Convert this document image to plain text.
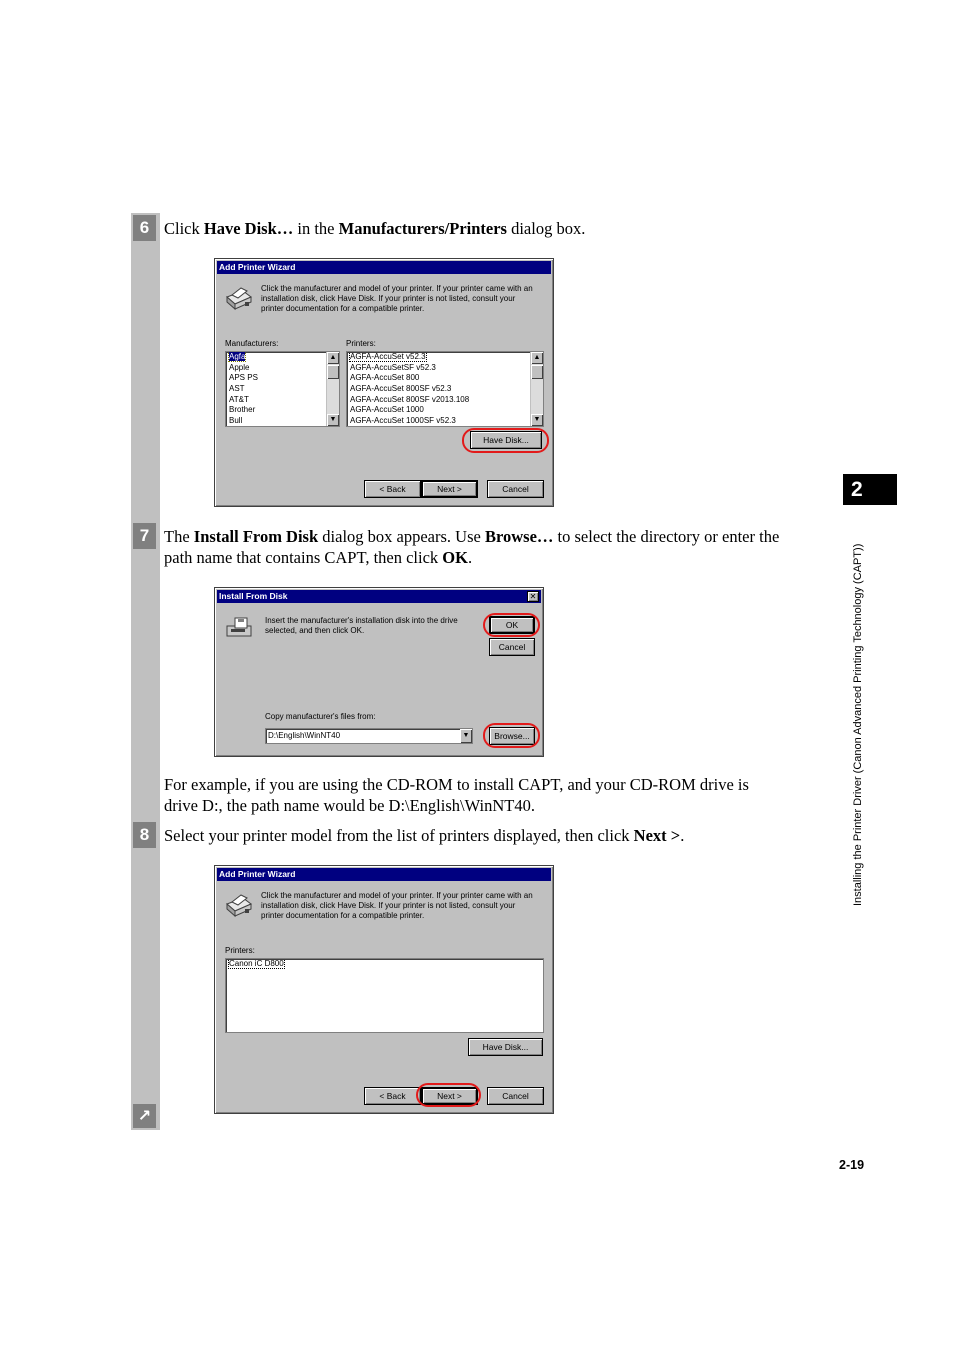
6
7
8
↗
Click Have Disk… in the Manufacturers/Printers dialog box.
Add Printer Wizard
Click the manufacturer and model of your printer. If your printer came with an
installation disk, click Have Disk. If your printer is not listed, consult your
printer documentation for a compatible printer.
Manufacturers:
Agfa
Apple
APS PS
AST
AT&T
Brother
Bull
▲
▼
Printers:
AGFA-AccuSet v52.3
AGFA-AccuSetSF v52.3
AGFA-AccuSet 800
AGFA-AccuSet 800SF v52.3
AGFA-AccuSet 800SF v2013.108
AGFA-AccuSet 1000
AGFA-AccuSet 1000SF v52.3
▲
▼
Have Disk...
< Back	Next >	Cancel
The Install From Disk dialog box appears. Use Browse… to select the directory or enter the
path name that contains CAPT, then click OK.
Install From Disk	✕
Insert the manufacturer's installation disk into the drive
selected, and then click OK.
OK
Cancel
Copy manufacturer's files from:
D:\English\WinNT40	▼	Browse...
For example, if you are using the CD-ROM to install CAPT, and your CD-ROM drive is
drive D:, the path name would be D:\English\WinNT40.
Select your printer model from the list of printers displayed, then click Next >.
Add Printer Wizard
Click the manufacturer and model of your printer. If your printer came with an
installation disk, click Have Disk. If your printer is not listed, consult your
printer documentation for a compatible printer.
Printers:
Canon iC D800
Have Disk...
< Back	Next >	Cancel
2
Installing the Printer Driver (Canon Advanced Printing Technology (CAPT))
2-19
